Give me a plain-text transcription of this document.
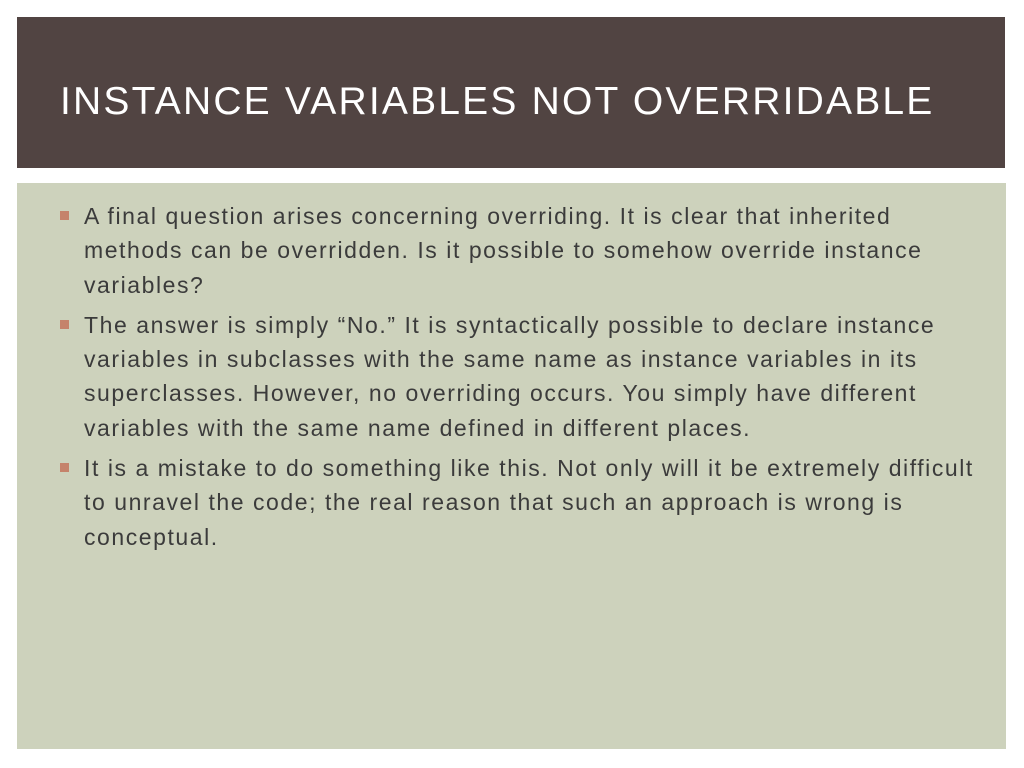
INSTANCE VARIABLES NOT OVERRIDABLE
A final question arises concerning overriding. It is clear that inherited methods can be overridden. Is it possible to somehow override instance variables?
The answer is simply “No.” It is syntactically possible to declare instance variables in subclasses with the same name as instance variables in its superclasses. However, no overriding occurs. You simply have different variables with the same name defined in different places.
It is a mistake to do something like this. Not only will it be extremely difficult to unravel the code; the real reason that such an approach is wrong is conceptual.
